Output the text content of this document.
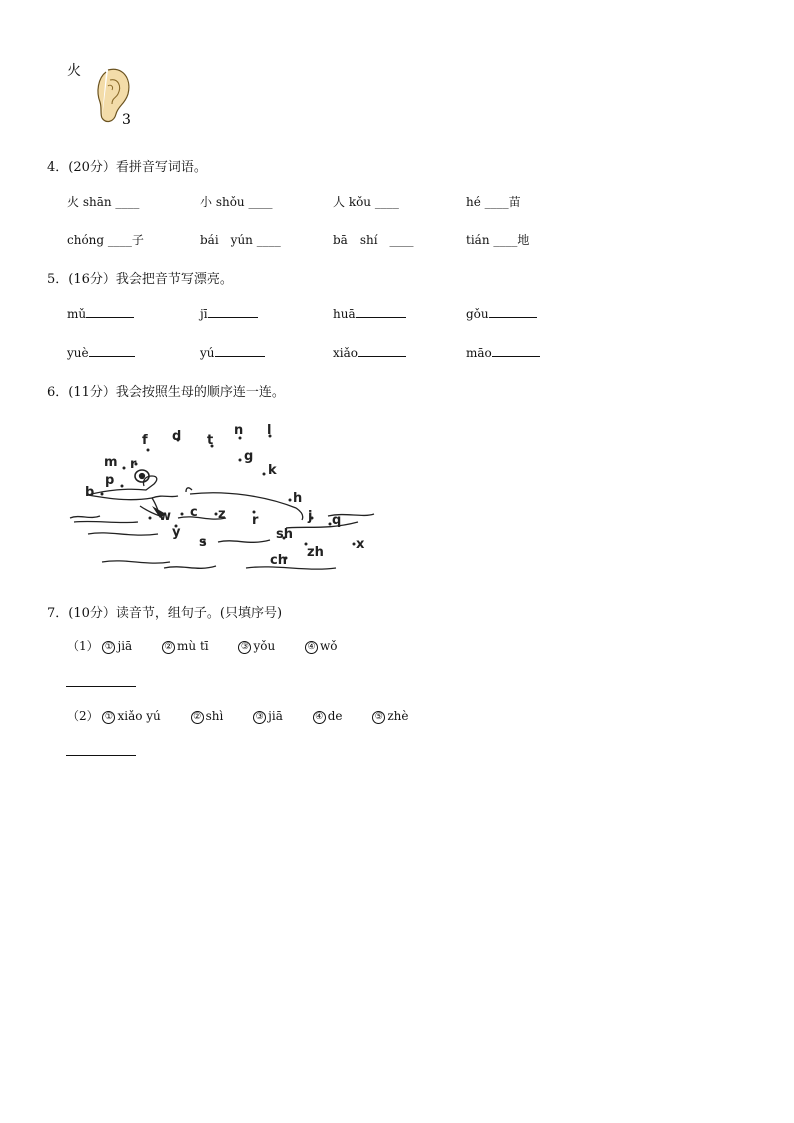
火
3
4．(20分）看拼音写词语。
火 shān ____	小 shǒu ____	人 kǒu ____	hé ____苗
chóng ____子	bái　yún ____	bā　shí　____	tián ____地
5．(16分）我会把音节写漂亮。
mǔ	jī	huā	gǒu
yuè	yú	xiǎo	māo
6．(11分）我会按照生母的顺序连一连。
f d t
n l
m r
g
k
p
b	h
c z r	j q
w
y
s
sh
x
zh
ch
7．(10分）读音节，组句子。(只填序号)
（1） ① jiā	② mù tī	③ yǒu	④ wǒ
（2） ① xiǎo yú	② shì	③ jiā	④ de	⑤ zhè
